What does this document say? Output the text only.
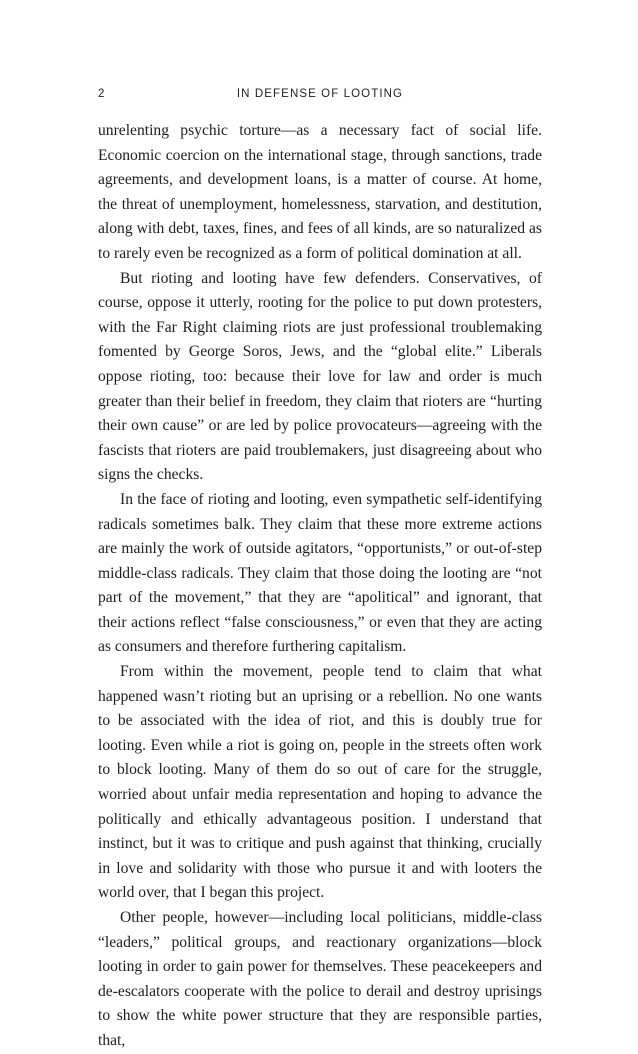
2	IN DEFENSE OF LOOTING

unrelenting psychic torture—as a necessary fact of social life. Economic coercion on the international stage, through sanctions, trade agreements, and development loans, is a matter of course. At home, the threat of unemployment, homelessness, starvation, and destitution, along with debt, taxes, fines, and fees of all kinds, are so naturalized as to rarely even be recognized as a form of political domination at all.

But rioting and looting have few defenders. Conservatives, of course, oppose it utterly, rooting for the police to put down protesters, with the Far Right claiming riots are just professional troublemaking fomented by George Soros, Jews, and the “global elite.” Liberals oppose rioting, too: because their love for law and order is much greater than their belief in freedom, they claim that rioters are “hurting their own cause” or are led by police provocateurs—agreeing with the fascists that rioters are paid troublemakers, just disagreeing about who signs the checks.

In the face of rioting and looting, even sympathetic self-identifying radicals sometimes balk. They claim that these more extreme actions are mainly the work of outside agitators, “opportunists,” or out-of-step middle-class radicals. They claim that those doing the looting are “not part of the movement,” that they are “apolitical” and ignorant, that their actions reflect “false consciousness,” or even that they are acting as consumers and therefore furthering capitalism.

From within the movement, people tend to claim that what happened wasn’t rioting but an uprising or a rebellion. No one wants to be associated with the idea of riot, and this is doubly true for looting. Even while a riot is going on, people in the streets often work to block looting. Many of them do so out of care for the struggle, worried about unfair media representation and hoping to advance the politically and ethically advantageous position. I understand that instinct, but it was to critique and push against that thinking, crucially in love and solidarity with those who pursue it and with looters the world over, that I began this project.

Other people, however—including local politicians, middle-class “leaders,” political groups, and reactionary organizations—block looting in order to gain power for themselves. These peacekeepers and de-escalators cooperate with the police to derail and destroy uprisings to show the white power structure that they are responsible parties, that,
